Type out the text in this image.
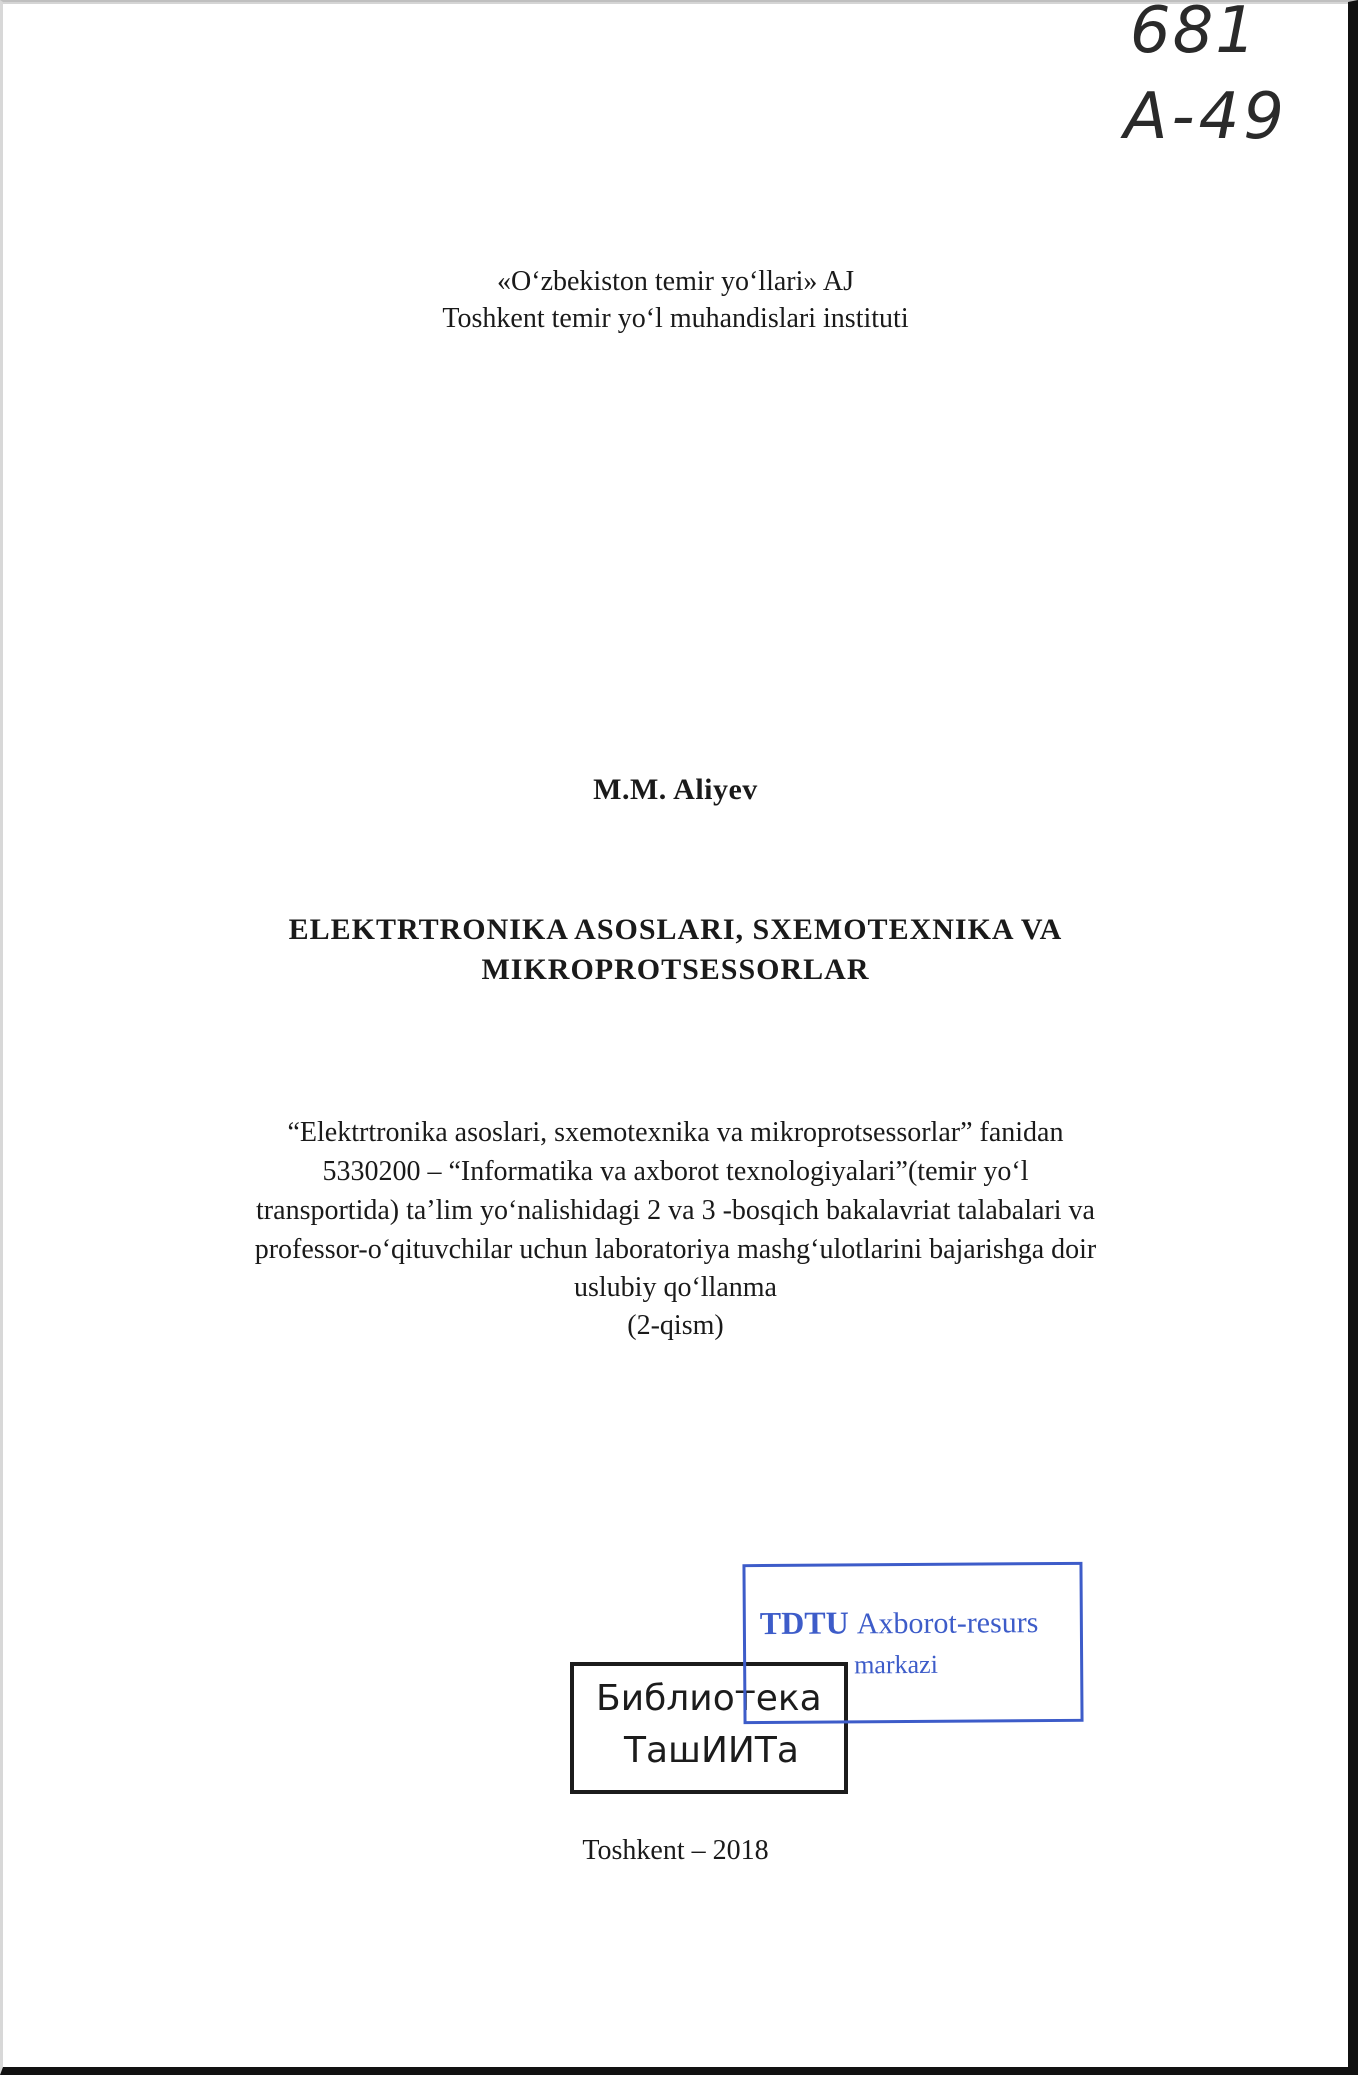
681
A-49
«O‘zbekiston temir yo‘llari» AJ
Toshkent temir yo‘l muhandislari instituti
M.M. Aliyev
ELEKTRTRONIKA ASOSLARI, SXEMOTEXNIKA VA
MIKROPROTSESSORLAR
“Elektrtronika asoslari, sxemotexnika va mikroprotsessorlar” fanidan
5330200 – “Informatika va axborot texnologiyalari”(temir yo‘l
transportida) ta’lim yo‘nalishidagi 2 va 3 -bosqich bakalavriat talabalari va
professor-o‘qituvchilar uchun laboratoriya mashg‘ulotlarini bajarishga doir
uslubiy qo‘llanma
(2-qism)
Библиотека
ТашИИТа
TDTU Axborot-resurs
markazi
Toshkent – 2018
